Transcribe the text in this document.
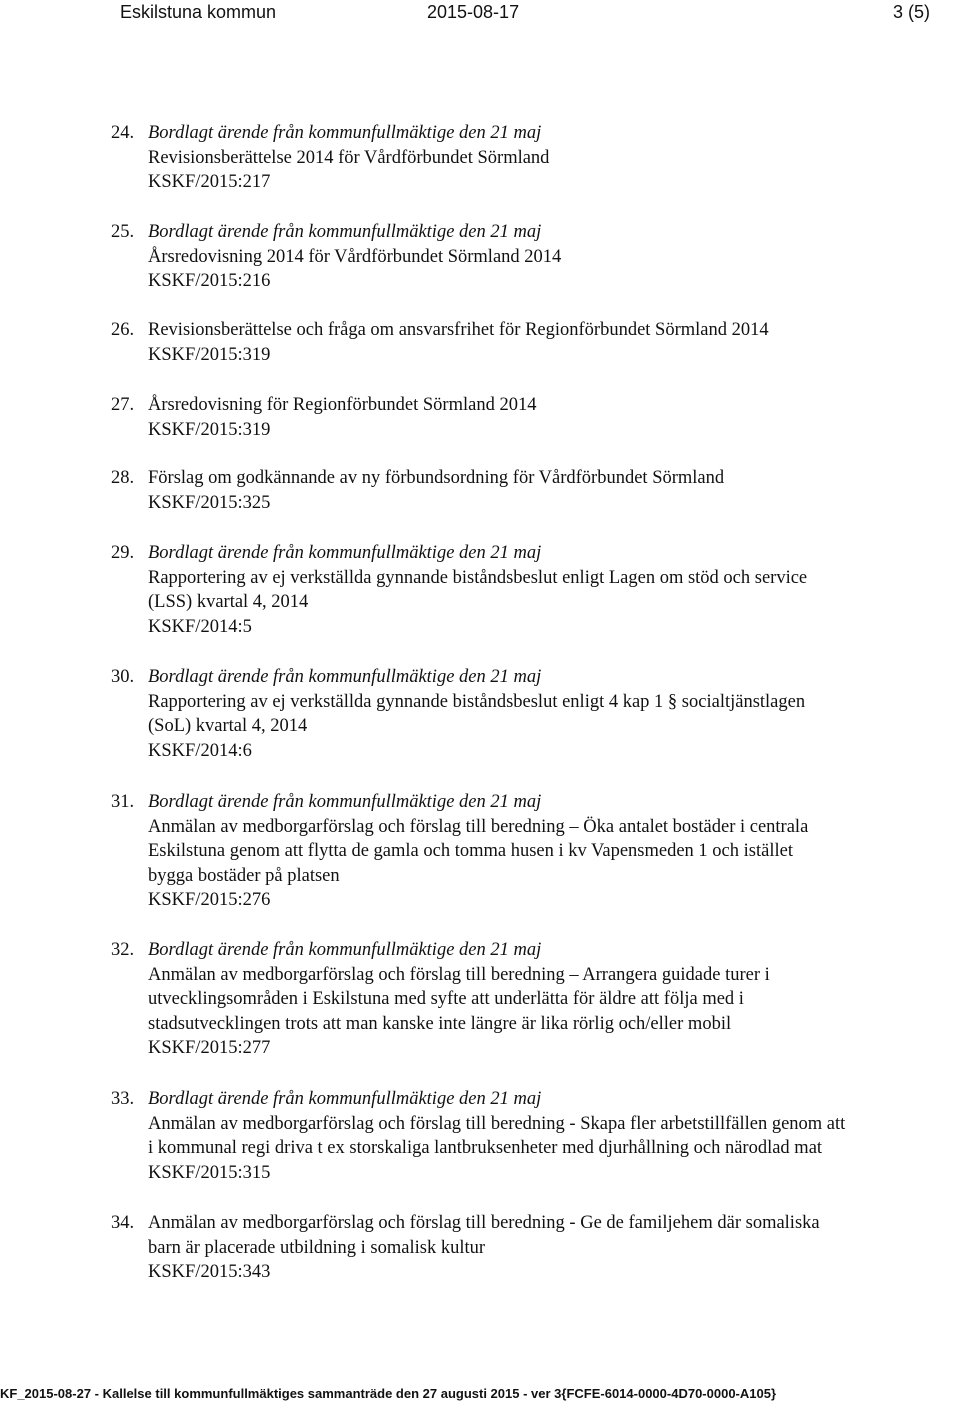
Eskilstuna kommun	2015-08-17	3 (5)
24. Bordlagt ärende från kommunfullmäktige den 21 maj
Revisionsberättelse 2014 för Vårdförbundet Sörmland
KSKF/2015:217
25. Bordlagt ärende från kommunfullmäktige den 21 maj
Årsredovisning 2014 för Vårdförbundet Sörmland 2014
KSKF/2015:216
26. Revisionsberättelse och fråga om ansvarsfrihet för Regionförbundet Sörmland 2014
KSKF/2015:319
27. Årsredovisning för Regionförbundet Sörmland 2014
KSKF/2015:319
28. Förslag om godkännande av ny förbundsordning för Vårdförbundet Sörmland
KSKF/2015:325
29. Bordlagt ärende från kommunfullmäktige den 21 maj
Rapportering av ej verkställda gynnande biståndsbeslut enligt Lagen om stöd och service
(LSS) kvartal 4, 2014
KSKF/2014:5
30. Bordlagt ärende från kommunfullmäktige den 21 maj
Rapportering av ej verkställda gynnande biståndsbeslut enligt 4 kap 1 § socialtjänstlagen
(SoL) kvartal 4, 2014
KSKF/2014:6
31. Bordlagt ärende från kommunfullmäktige den 21 maj
Anmälan av medborgarförslag och förslag till beredning – Öka antalet bostäder i centrala
Eskilstuna genom att flytta de gamla och tomma husen i kv Vapensmeden 1 och istället
bygga bostäder på platsen
KSKF/2015:276
32. Bordlagt ärende från kommunfullmäktige den 21 maj
Anmälan av medborgarförslag och förslag till beredning – Arrangera guidade turer i
utvecklingsområden i Eskilstuna med syfte att underlätta för äldre att följa med i
stadsutvecklingen trots att man kanske inte längre är lika rörlig och/eller mobil
KSKF/2015:277
33. Bordlagt ärende från kommunfullmäktige den 21 maj
Anmälan av medborgarförslag och förslag till beredning - Skapa fler arbetstillfällen genom att
i kommunal regi driva t ex storskaliga lantbruksenheter med djurhållning och närodlad mat
KSKF/2015:315
34. Anmälan av medborgarförslag och förslag till beredning - Ge de familjehem där somaliska
barn är placerade utbildning i somalisk kultur
KSKF/2015:343
KF_2015-08-27 - Kallelse till kommunfullmäktiges sammanträde den 27 augusti 2015 - ver 3{FCFE-6014-0000-4D70-0000-A105}
